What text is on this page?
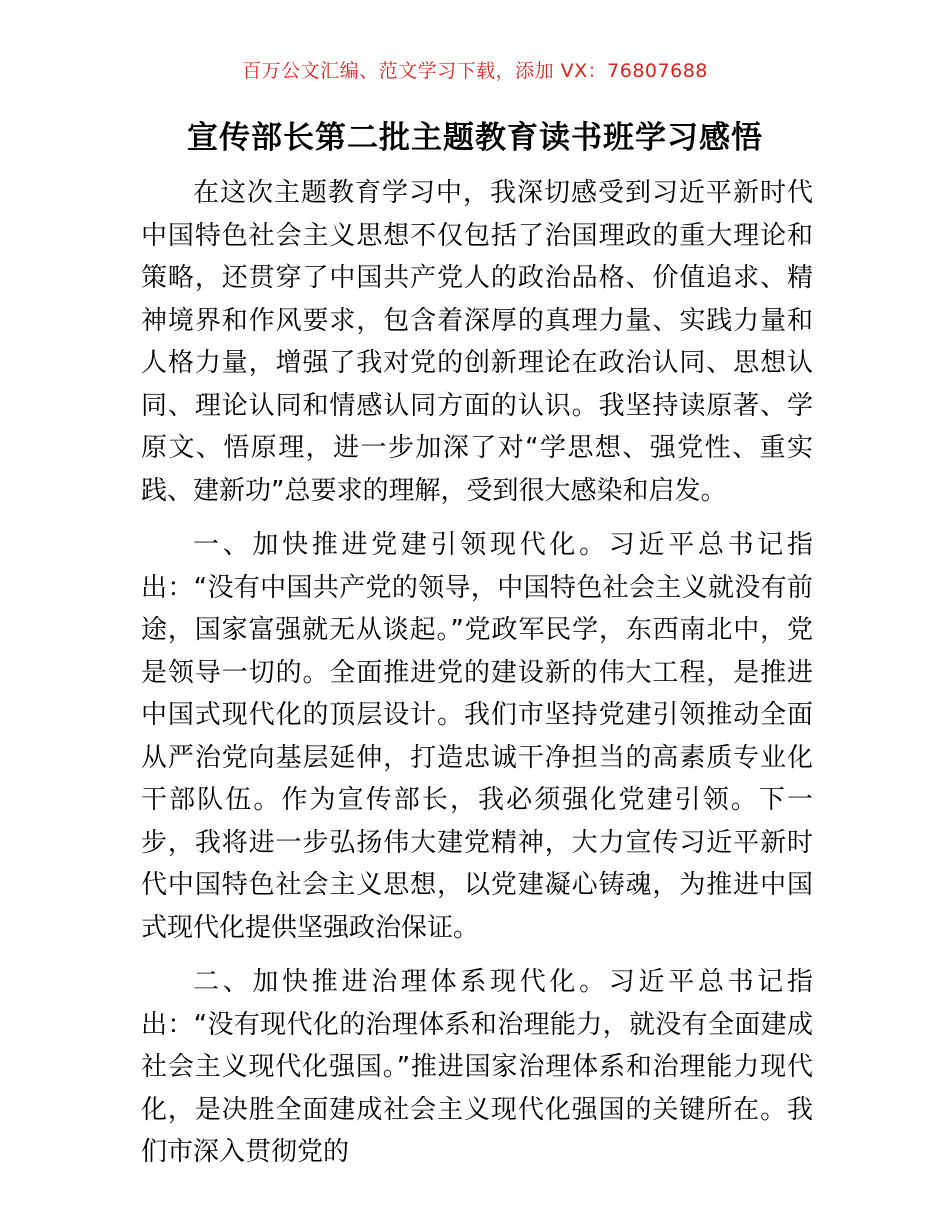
百万公文汇编、范文学习下载，添加 VX：76807688
宣传部长第二批主题教育读书班学习感悟

在这次主题教育学习中，我深切感受到习近平新时代中国特色社会主义思想不仅包括了治国理政的重大理论和策略，还贯穿了中国共产党人的政治品格、价值追求、精神境界和作风要求，包含着深厚的真理力量、实践力量和人格力量，增强了我对党的创新理论在政治认同、思想认同、理论认同和情感认同方面的认识。我坚持读原著、学原文、悟原理，进一步加深了对“学思想、强党性、重实践、建新功”总要求的理解，受到很大感染和启发。

一、加快推进党建引领现代化。习近平总书记指出：“没有中国共产党的领导，中国特色社会主义就没有前途，国家富强就无从谈起。”党政军民学，东西南北中，党是领导一切的。全面推进党的建设新的伟大工程，是推进中国式现代化的顶层设计。我们市坚持党建引领推动全面从严治党向基层延伸，打造忠诚干净担当的高素质专业化干部队伍。作为宣传部长，我必须强化党建引领。下一步，我将进一步弘扬伟大建党精神，大力宣传习近平新时代中国特色社会主义思想，以党建凝心铸魂，为推进中国式现代化提供坚强政治保证。

二、加快推进治理体系现代化。习近平总书记指出：“没有现代化的治理体系和治理能力，就没有全面建成社会主义现代化强国。”推进国家治理体系和治理能力现代化，是决胜全面建成社会主义现代化强国的关键所在。我们市深入贯彻党的
